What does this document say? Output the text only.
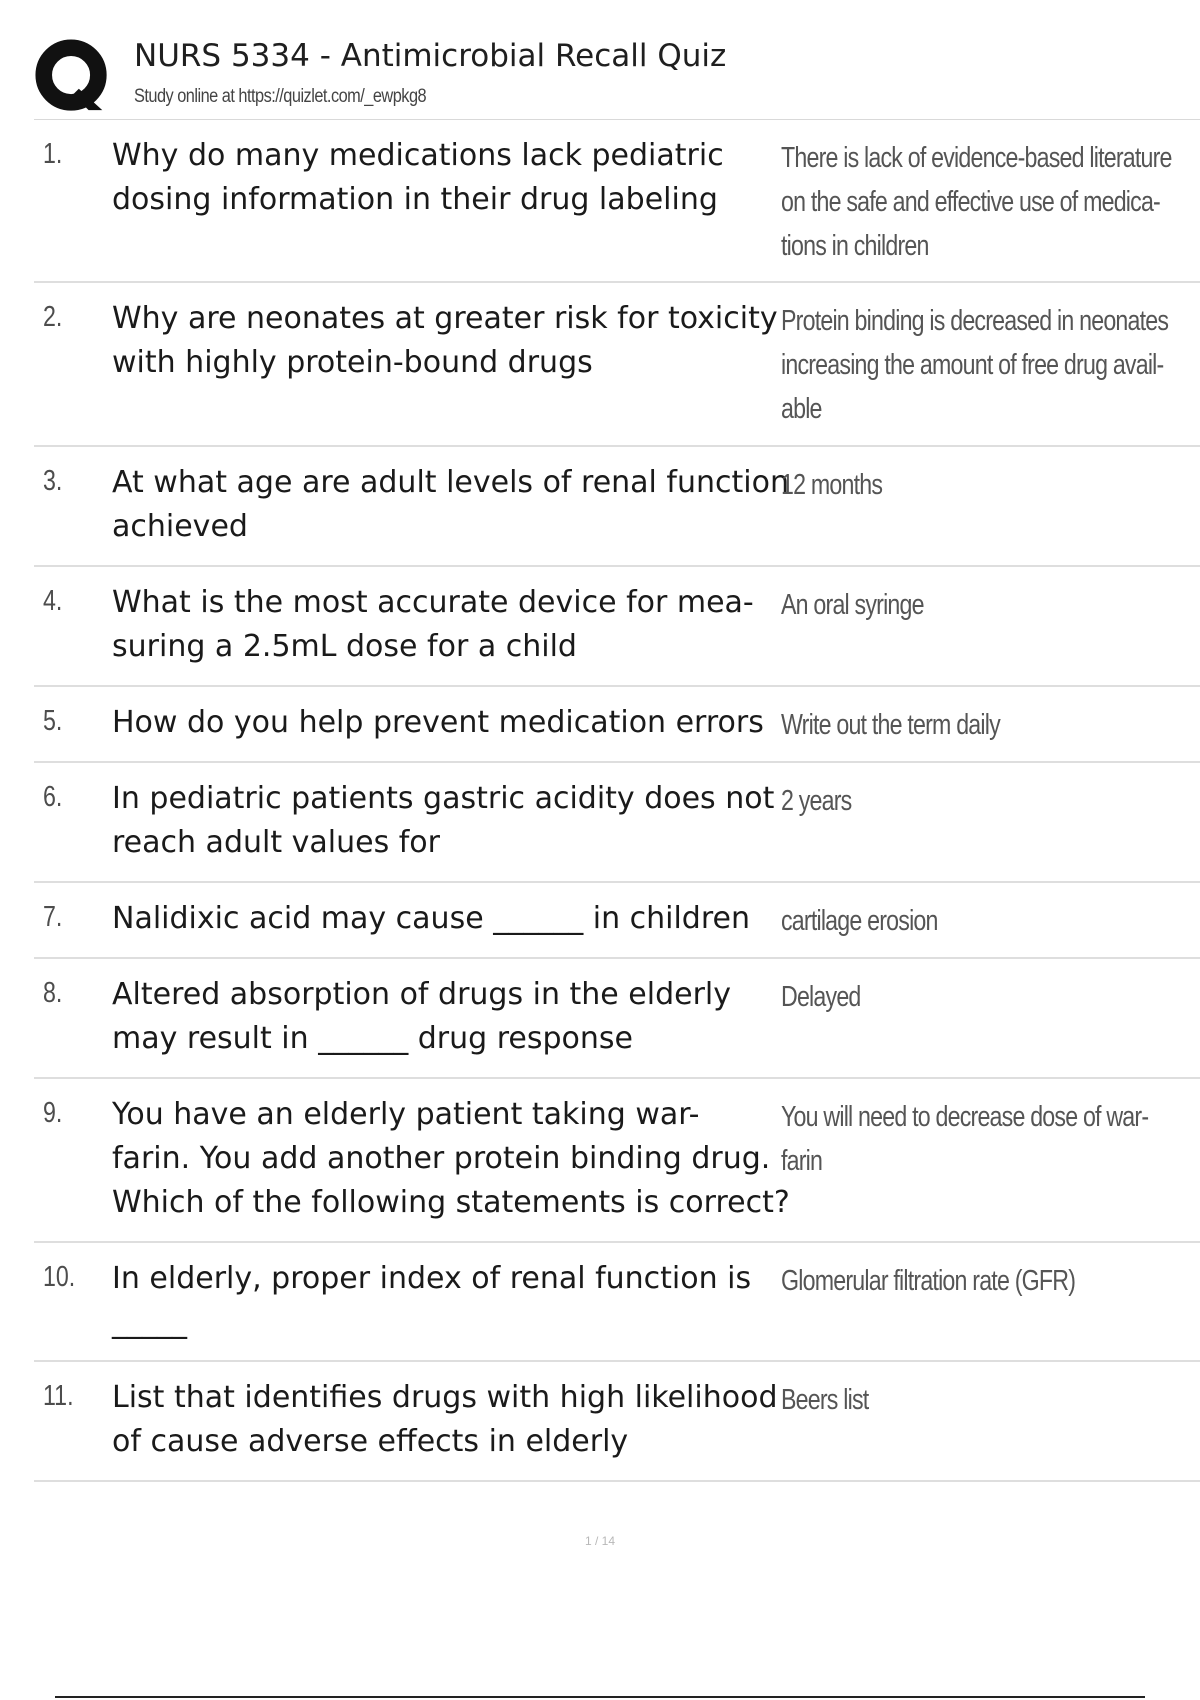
NURS 5334 - Antimicrobial Recall Quiz
Study online at https://quizlet.com/_ewpkg8
1. Why do many medications lack pediatric
dosing information in their drug labeling
There is lack of evidence-based literature
on the safe and effective use of medica-
tions in children
2. Why are neonates at greater risk for toxicity
with highly protein-bound drugs
Protein binding is decreased in neonates
increasing the amount of free drug avail-
able
3. At what age are adult levels of renal function
achieved
12 months
4. What is the most accurate device for mea-
suring a 2.5mL dose for a child
An oral syringe
5. How do you help prevent medication errors Write out the term daily
6. In pediatric patients gastric acidity does not
reach adult values for
2 years
7. Nalidixic acid may cause ______ in children	cartilage erosion
8. Altered absorption of drugs in the elderly
may result in ______ drug response
Delayed
9. You have an elderly patient taking war-
farin. You add another protein binding drug.
Which of the following statements is correct?
You will need to decrease dose of war-
farin
10. In elderly, proper index of renal function is
_____
Glomerular filtration rate (GFR)
11. List that identifies drugs with high likelihood
of cause adverse effects in elderly
Beers list
1 / 14
